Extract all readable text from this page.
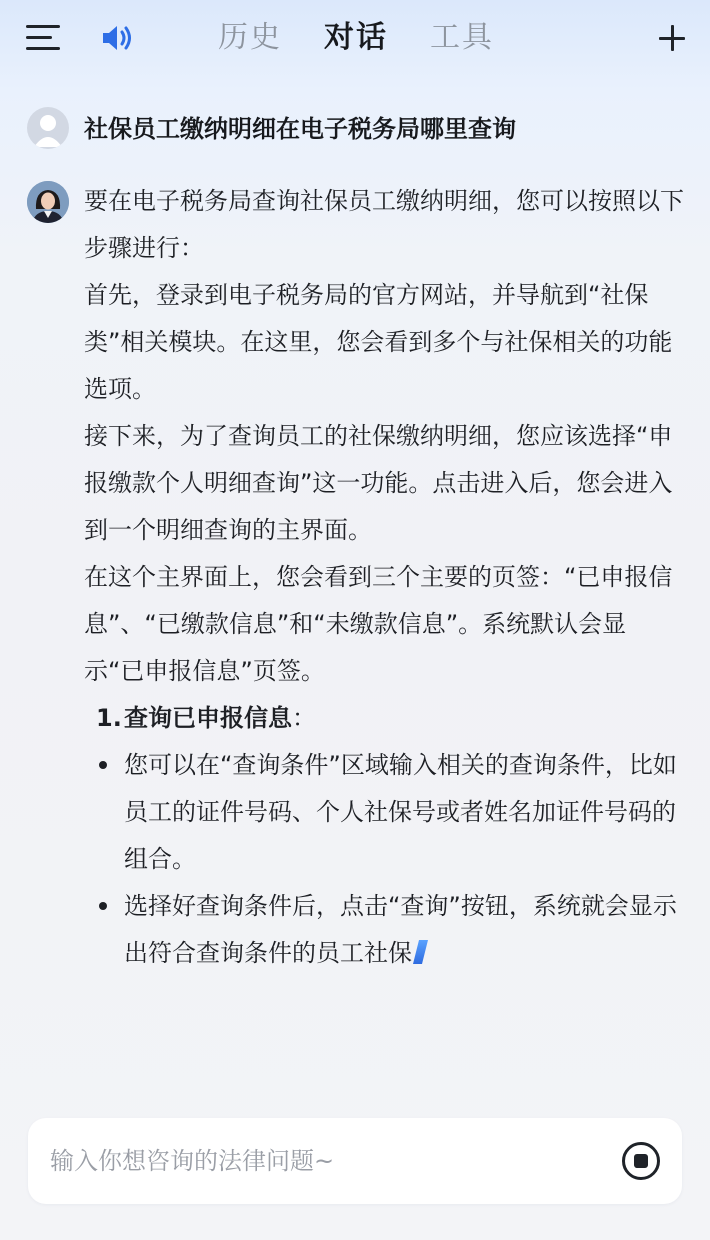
历史 对话 工具
社保员工缴纳明细在电子税务局哪里查询

要在电子税务局查询社保员工缴纳明细，您可以按照以下步骤进行：

首先，登录到电子税务局的官方网站，并导航到“社保类”相关模块。在这里，您会看到多个与社保相关的功能选项。

接下来，为了查询员工的社保缴纳明细，您应该选择“申报缴款个人明细查询”这一功能。点击进入后，您会进入到一个明细查询的主界面。

在这个主界面上，您会看到三个主要的页签：“已申报信息”、“已缴款信息”和“未缴款信息”。系统默认会显示“已申报信息”页签。

1. 查询已申报信息：
您可以在“查询条件”区域输入相关的查询条件，比如员工的证件号码、个人社保号或者姓名加证件号码的组合。
选择好查询条件后，点击“查询”按钮，系统就会显示出符合查询条件的员工社保
输入你想咨询的法律问题~
